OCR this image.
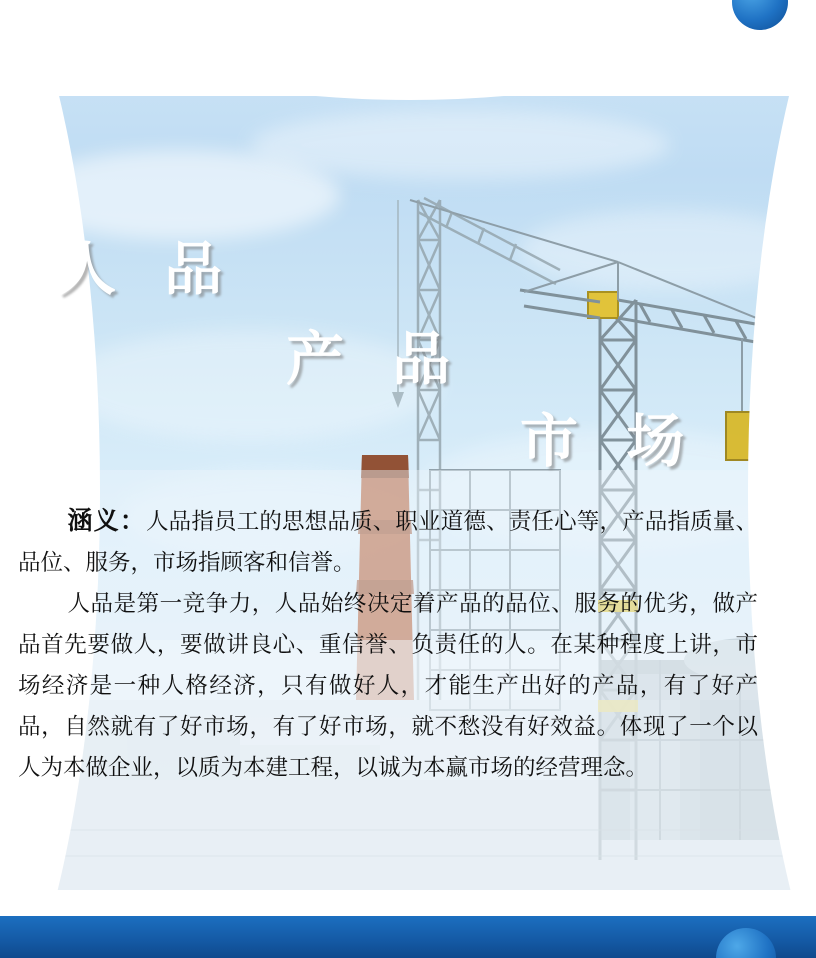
人 品
产 品
市 场

涵义：人品指员工的思想品质、职业道德、责任心等，产品指质量、品位、服务，市场指顾客和信誉。

人品是第一竞争力，人品始终决定着产品的品位、服务的优劣，做产品首先要做人，要做讲良心、重信誉、负责任的人。在某种程度上讲，市场经济是一种人格经济，只有做好人，才能生产出好的产品，有了好产品，自然就有了好市场，有了好市场，就不愁没有好效益。体现了一个以人为本做企业，以质为本建工程，以诚为本赢市场的经营理念。
